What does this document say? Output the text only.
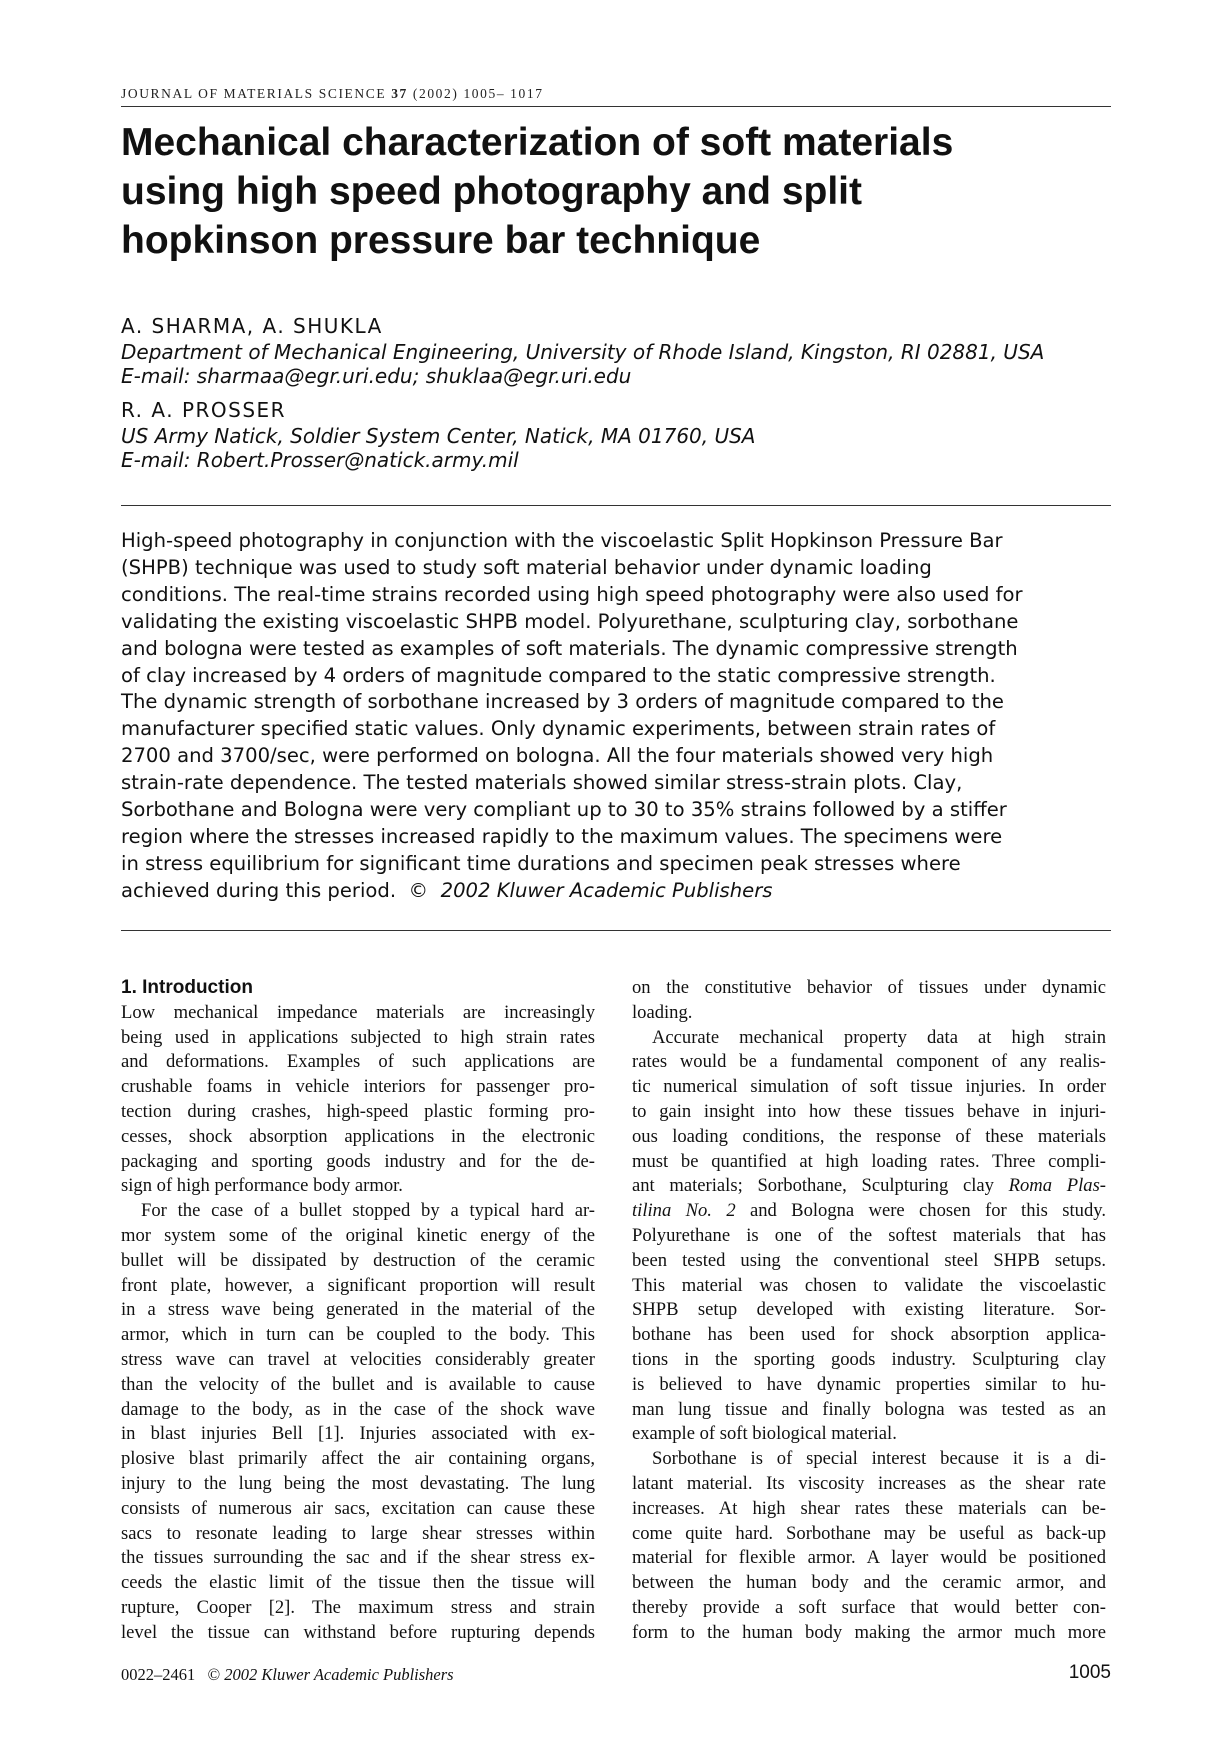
JOURNAL OF MATERIALS SCIENCE 37 (2002) 1005– 1017
Mechanical characterization of soft materials
using high speed photography and split
hopkinson pressure bar technique
A. SHARMA, A. SHUKLA
Department of Mechanical Engineering, University of Rhode Island, Kingston, RI 02881, USA
E-mail: sharmaa@egr.uri.edu; shuklaa@egr.uri.edu
R. A. PROSSER
US Army Natick, Soldier System Center, Natick, MA 01760, USA
E-mail: Robert.Prosser@natick.army.mil

High-speed photography in conjunction with the viscoelastic Split Hopkinson Pressure Bar
(SHPB) technique was used to study soft material behavior under dynamic loading
conditions. The real-time strains recorded using high speed photography were also used for
validating the existing viscoelastic SHPB model. Polyurethane, sculpturing clay, sorbothane
and bologna were tested as examples of soft materials. The dynamic compressive strength
of clay increased by 4 orders of magnitude compared to the static compressive strength.
The dynamic strength of sorbothane increased by 3 orders of magnitude compared to the
manufacturer specified static values. Only dynamic experiments, between strain rates of
2700 and 3700/sec, were performed on bologna. All the four materials showed very high
strain-rate dependence. The tested materials showed similar stress-strain plots. Clay,
Sorbothane and Bologna were very compliant up to 30 to 35% strains followed by a stiffer
region where the stresses increased rapidly to the maximum values. The specimens were
in stress equilibrium for significant time durations and specimen peak stresses where
achieved during this period. © 2002 Kluwer Academic Publishers

1. Introduction

Low mechanical impedance materials are increasingly
being used in applications subjected to high strain rates
and deformations. Examples of such applications are
crushable foams in vehicle interiors for passenger pro-
tection during crashes, high-speed plastic forming pro-
cesses, shock absorption applications in the electronic
packaging and sporting goods industry and for the de-
sign of high performance body armor.

For the case of a bullet stopped by a typical hard ar-
mor system some of the original kinetic energy of the
bullet will be dissipated by destruction of the ceramic
front plate, however, a significant proportion will result
in a stress wave being generated in the material of the
armor, which in turn can be coupled to the body. This
stress wave can travel at velocities considerably greater
than the velocity of the bullet and is available to cause
damage to the body, as in the case of the shock wave
in blast injuries Bell [1]. Injuries associated with ex-
plosive blast primarily affect the air containing organs,
injury to the lung being the most devastating. The lung
consists of numerous air sacs, excitation can cause these
sacs to resonate leading to large shear stresses within
the tissues surrounding the sac and if the shear stress ex-
ceeds the elastic limit of the tissue then the tissue will
rupture, Cooper [2]. The maximum stress and strain
level the tissue can withstand before rupturing depends

on the constitutive behavior of tissues under dynamic
loading.

Accurate mechanical property data at high strain
rates would be a fundamental component of any realis-
tic numerical simulation of soft tissue injuries. In order
to gain insight into how these tissues behave in injuri-
ous loading conditions, the response of these materials
must be quantified at high loading rates. Three compli-
ant materials; Sorbothane, Sculpturing clay Roma Plas-
tilina No. 2 and Bologna were chosen for this study.
Polyurethane is one of the softest materials that has
been tested using the conventional steel SHPB setups.
This material was chosen to validate the viscoelastic
SHPB setup developed with existing literature. Sor-
bothane has been used for shock absorption applica-
tions in the sporting goods industry. Sculpturing clay
is believed to have dynamic properties similar to hu-
man lung tissue and finally bologna was tested as an
example of soft biological material.

Sorbothane is of special interest because it is a di-
latant material. Its viscosity increases as the shear rate
increases. At high shear rates these materials can be-
come quite hard. Sorbothane may be useful as back-up
material for flexible armor. A layer would be positioned
between the human body and the ceramic armor, and
thereby provide a soft surface that would better con-
form to the human body making the armor much more

0022–2461 © 2002 Kluwer Academic Publishers	1005
